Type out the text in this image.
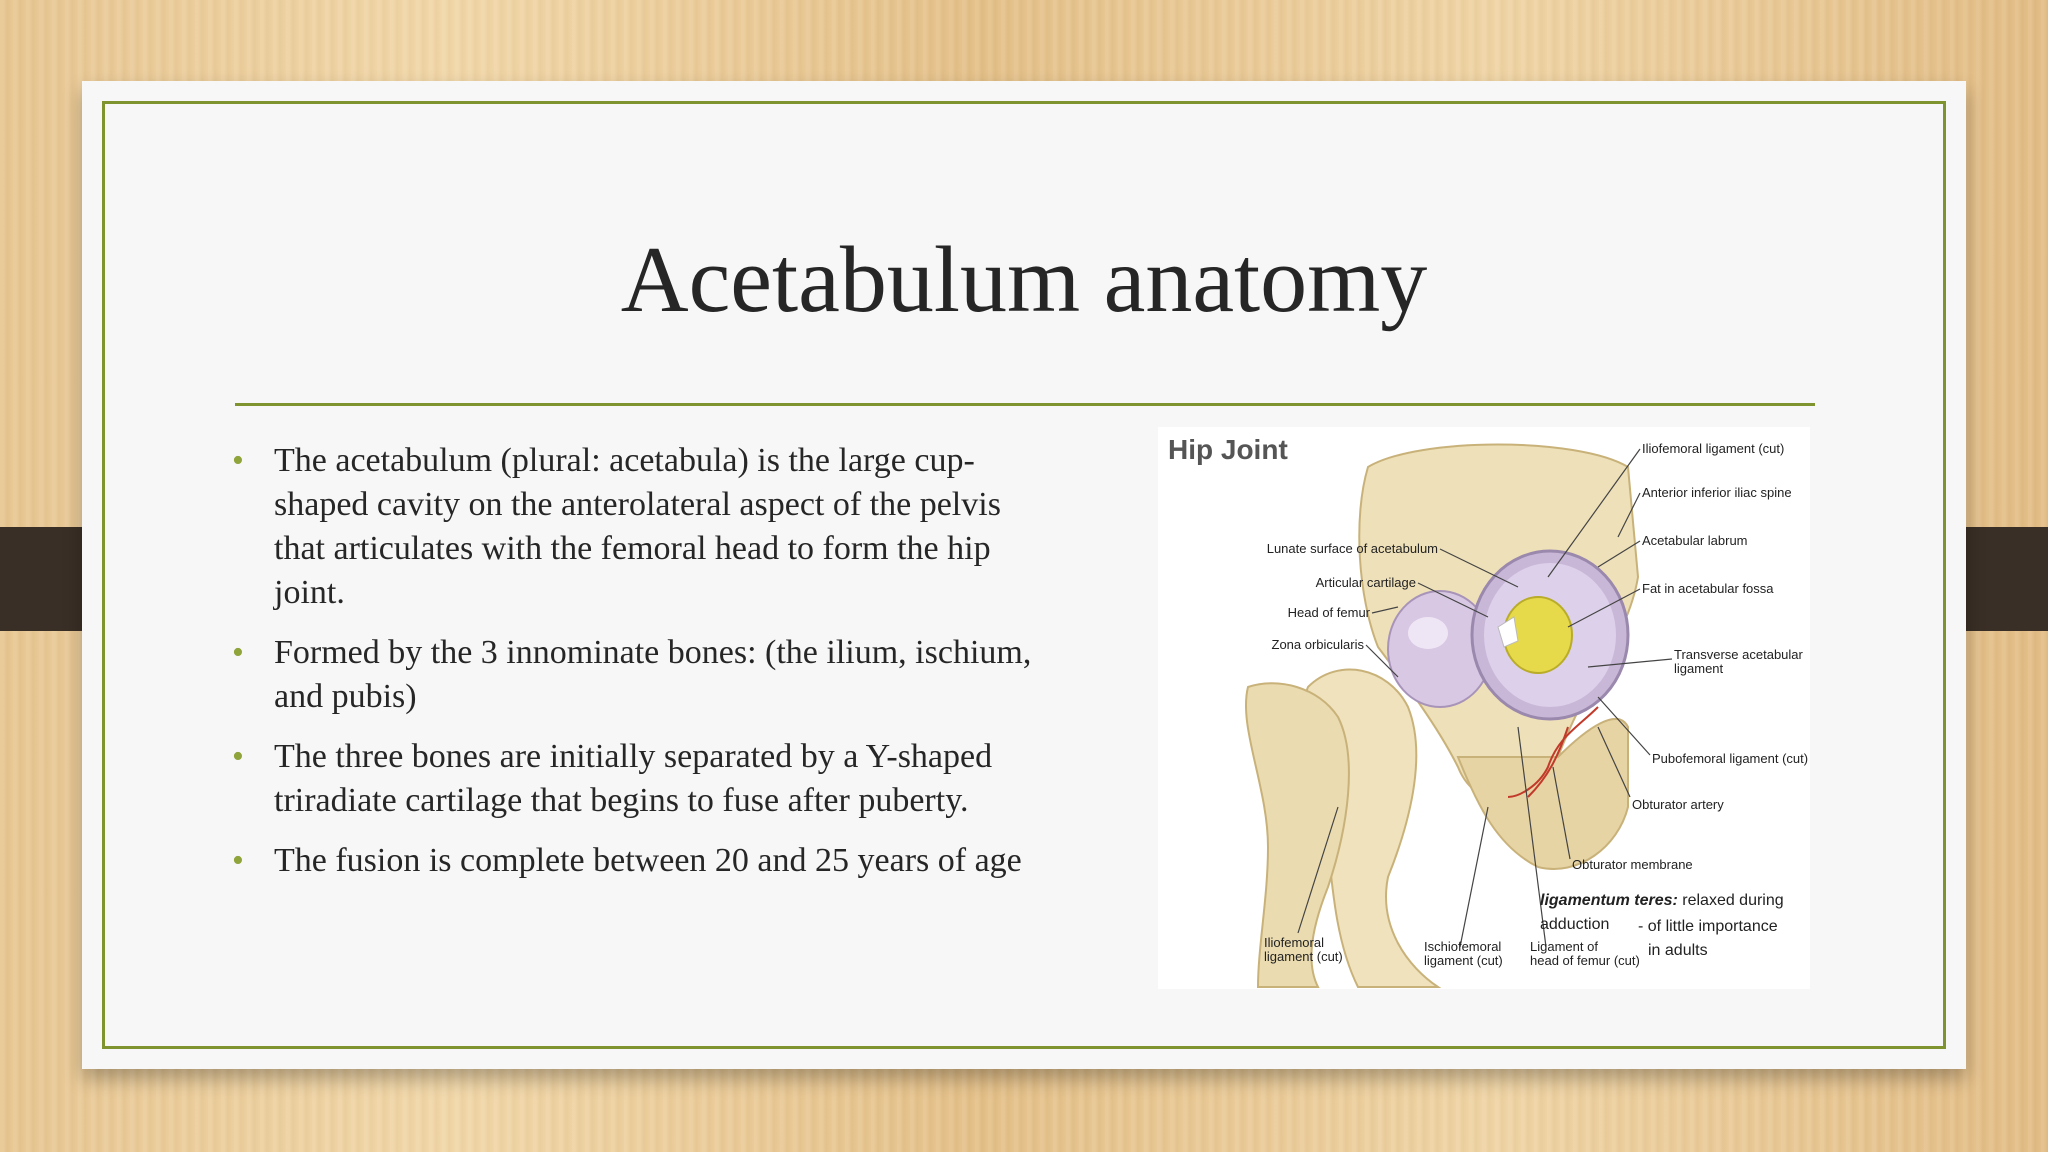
Acetabulum anatomy
• The acetabulum (plural: acetabula) is the large cup-shaped cavity on the anterolateral aspect of the pelvis that articulates with the femoral head to form the hip joint.
• Formed by the 3 innominate bones: (the ilium, ischium, and pubis)
• The three bones are initially separated by a Y-shaped triradiate cartilage that begins to fuse after puberty.
• The fusion is complete between 20 and 25 years of age
Hip Joint	Iliofemoral ligament (cut)
Anterior inferior iliac spine
Acetabular labrum
Fat in acetabular fossa
Transverse acetabular
ligament
Pubofemoral ligament (cut)
Obturator artery
Obturator membrane
Lunate surface of acetabulum
Articular cartilage
Head of femur
Zona orbicularis
Iliofemoral
ligament (cut)
Ischiofemoral
ligament (cut)
Ligament of
head of femur (cut)
ligamentum teres: relaxed during
adduction - of little importance
in adults
